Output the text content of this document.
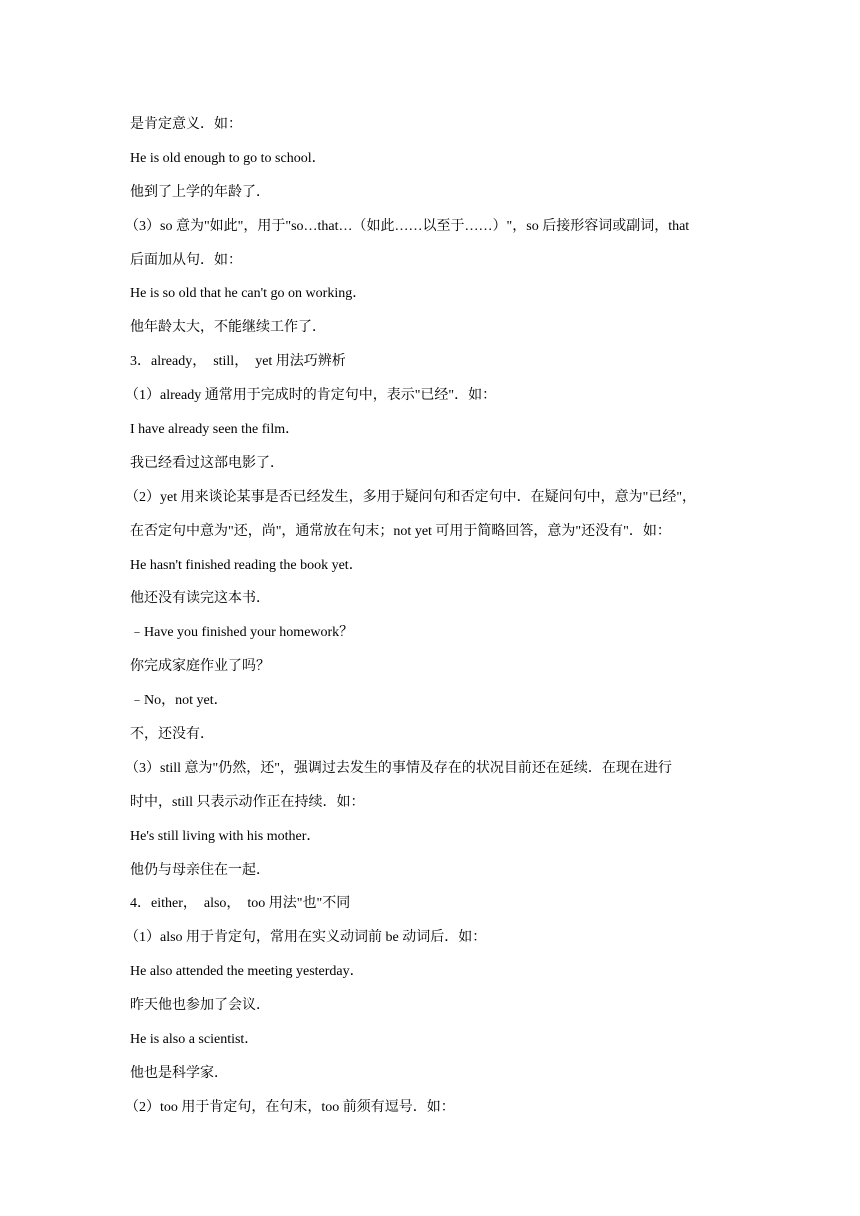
是肯定意义．如：

He is old enough to go to school．

他到了上学的年龄了．

（3）so 意为"如此"，用于"so…that…（如此……以至于……）"，so 后接形容词或副词，that

后面加从句．如：

He is so old that he can't go on working．

他年龄太大，不能继续工作了．

3．already，　still，　yet 用法巧辨析

（1）already 通常用于完成时的肯定句中，表示"已经"．如：

I have already seen the film．

我已经看过这部电影了．

（2）yet 用来谈论某事是否已经发生，多用于疑问句和否定句中．在疑问句中，意为"已经"，

在否定句中意为"还，尚"，通常放在句末；not yet 可用于简略回答，意为"还没有"．如：

He hasn't finished reading the book yet．

他还没有读完这本书．

﹣Have you finished your homework？

你完成家庭作业了吗？

﹣No，not yet．

不，还没有．

（3）still 意为"仍然，还"，强调过去发生的事情及存在的状况目前还在延续．在现在进行

时中，still 只表示动作正在持续．如：

He's still living with his mother．

他仍与母亲住在一起．

4．either，　also，　too 用法"也"不同

（1）also 用于肯定句，常用在实义动词前 be 动词后．如：

He also attended the meeting yesterday．

昨天他也参加了会议．

He is also a scientist．

他也是科学家．

（2）too 用于肯定句，在句末，too 前须有逗号．如：
